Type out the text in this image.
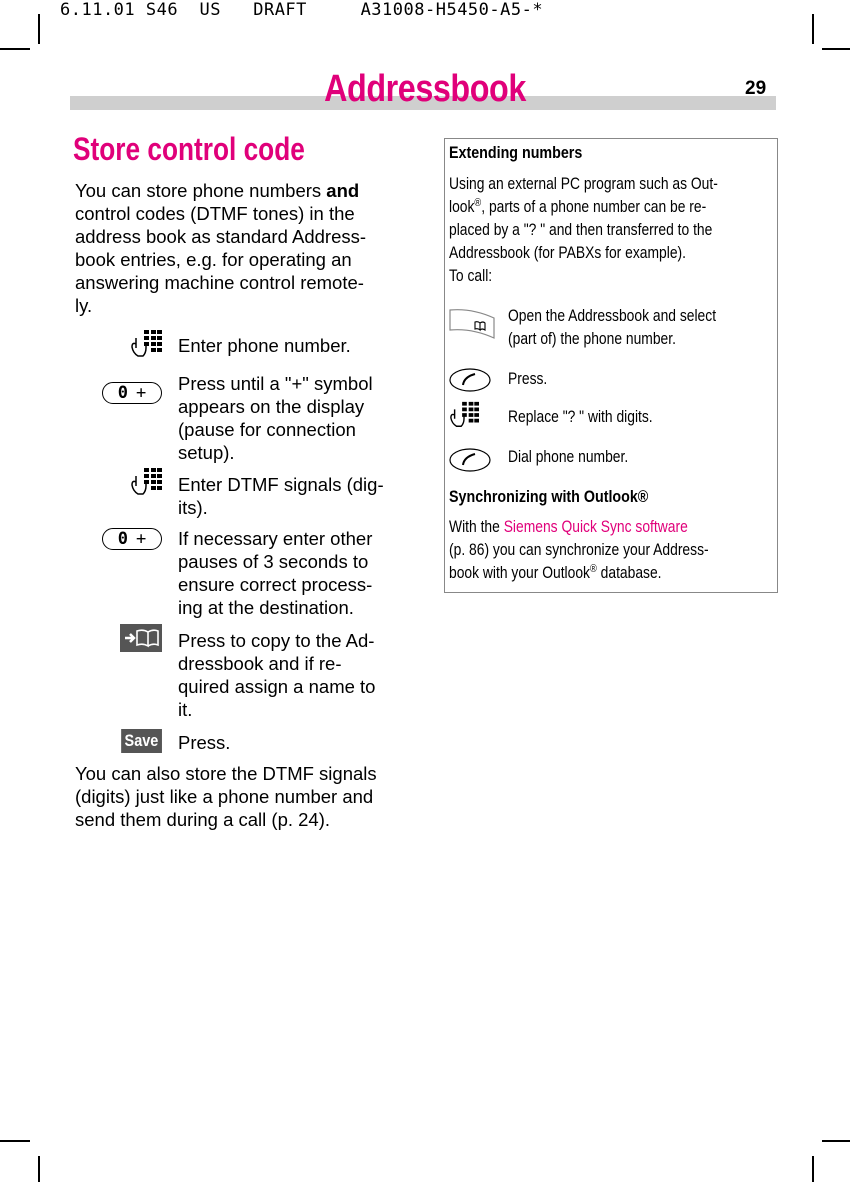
6.11.01 S46  US   DRAFT     A31008-H5450-A5-*
Addressbook	29
Store control code
You can store phone numbers and
control codes (DTMF tones) in the
address book as standard Address-
book entries, e.g. for operating an
answering machine control remote-
ly.
Enter phone number.
0 + Press until a "+" symbol
appears on the display
(pause for connection
setup).
Enter DTMF signals (dig-
its).
0 + If necessary enter other
pauses of 3 seconds to
ensure correct process-
ing at the destination.
Press to copy to the Ad-
dressbook and if re-
quired assign a name to
it.
Save Press.
You can also store the DTMF signals
(digits) just like a phone number and
send them during a call (p. 24).
Extending numbers
Using an external PC program such as Out-
look®, parts of a phone number can be re-
placed by a "? " and then transferred to the
Addressbook (for PABXs for example).
To call:
Open the Addressbook and select
(part of) the phone number.
Press.
Replace "? " with digits.
Dial phone number.
Synchronizing with Outlook®
With the Siemens Quick Sync software
(p. 86) you can synchronize your Address-
book with your Outlook® database.
